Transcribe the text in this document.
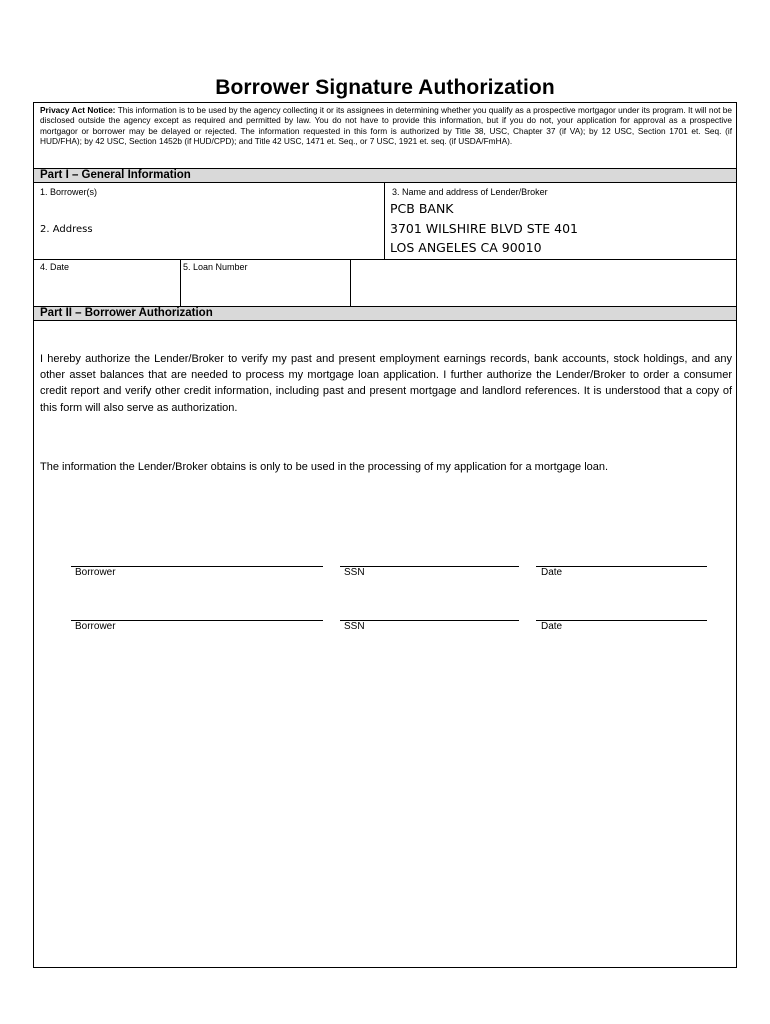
Borrower Signature Authorization
Privacy Act Notice: This information is to be used by the agency collecting it or its assignees in determining whether you qualify as a prospective mortgagor under its program. It will not be disclosed outside the agency except as required and permitted by law. You do not have to provide this information, but if you do not, your application for approval as a prospective mortgagor or borrower may be delayed or rejected. The information requested in this form is authorized by Title 38, USC, Chapter 37 (if VA); by 12 USC, Section 1701 et. Seq. (if HUD/FHA); by 42 USC, Section 1452b (if HUD/CPD); and Title 42 USC, 1471 et. Seq., or 7 USC, 1921 et. seq. (if USDA/FmHA).
Part I – General Information
1. Borrower(s)
2. Address
3. Name and address of Lender/Broker
PCB BANK
3701 WILSHIRE BLVD STE 401
LOS ANGELES CA 90010
4. Date	5. Loan Number
Part II – Borrower Authorization
I hereby authorize the Lender/Broker to verify my past and present employment earnings records, bank accounts, stock holdings, and any other asset balances that are needed to process my mortgage loan application. I further authorize the Lender/Broker to order a consumer credit report and verify other credit information, including past and present mortgage and landlord references. It is understood that a copy of this form will also serve as authorization.
The information the Lender/Broker obtains is only to be used in the processing of my application for a mortgage loan.
Borrower	SSN	Date
Borrower	SSN	Date
